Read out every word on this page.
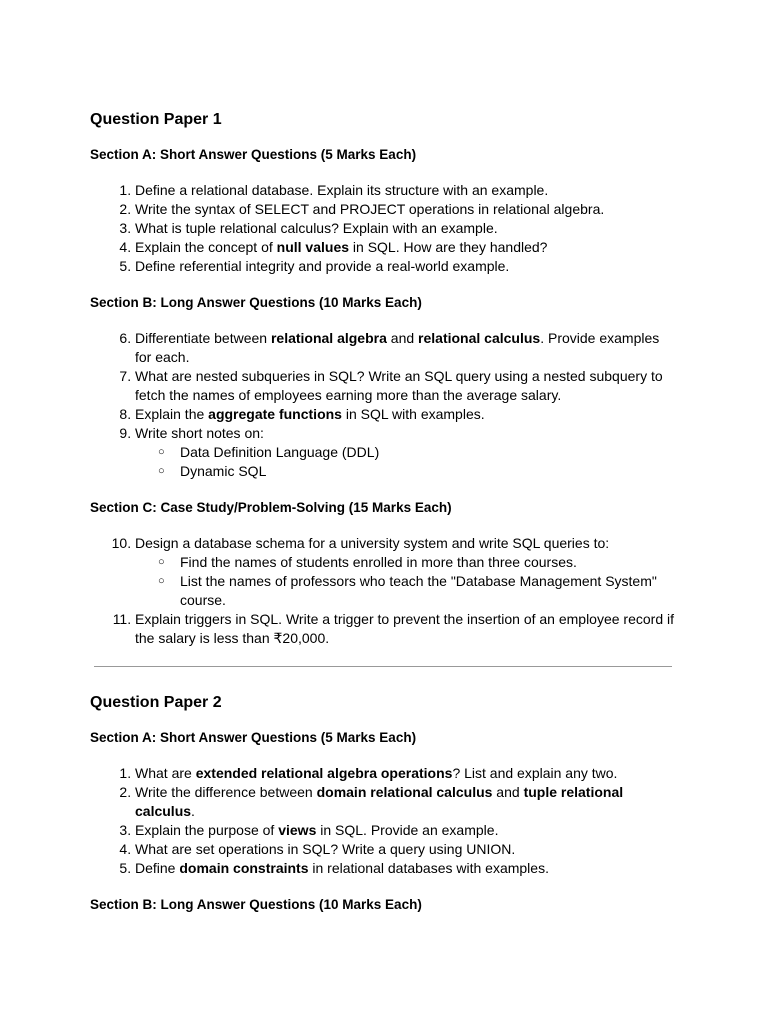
Question Paper 1
Section A: Short Answer Questions (5 Marks Each)
1. Define a relational database. Explain its structure with an example.
2. Write the syntax of SELECT and PROJECT operations in relational algebra.
3. What is tuple relational calculus? Explain with an example.
4. Explain the concept of null values in SQL. How are they handled?
5. Define referential integrity and provide a real-world example.
Section B: Long Answer Questions (10 Marks Each)
6. Differentiate between relational algebra and relational calculus. Provide examples for each.
7. What are nested subqueries in SQL? Write an SQL query using a nested subquery to fetch the names of employees earning more than the average salary.
8. Explain the aggregate functions in SQL with examples.
9. Write short notes on:
○ Data Definition Language (DDL)
○ Dynamic SQL
Section C: Case Study/Problem-Solving (15 Marks Each)
10. Design a database schema for a university system and write SQL queries to:
○ Find the names of students enrolled in more than three courses.
○ List the names of professors who teach the "Database Management System" course.
11. Explain triggers in SQL. Write a trigger to prevent the insertion of an employee record if the salary is less than ₹20,000.
Question Paper 2
Section A: Short Answer Questions (5 Marks Each)
1. What are extended relational algebra operations? List and explain any two.
2. Write the difference between domain relational calculus and tuple relational calculus.
3. Explain the purpose of views in SQL. Provide an example.
4. What are set operations in SQL? Write a query using UNION.
5. Define domain constraints in relational databases with examples.
Section B: Long Answer Questions (10 Marks Each)
